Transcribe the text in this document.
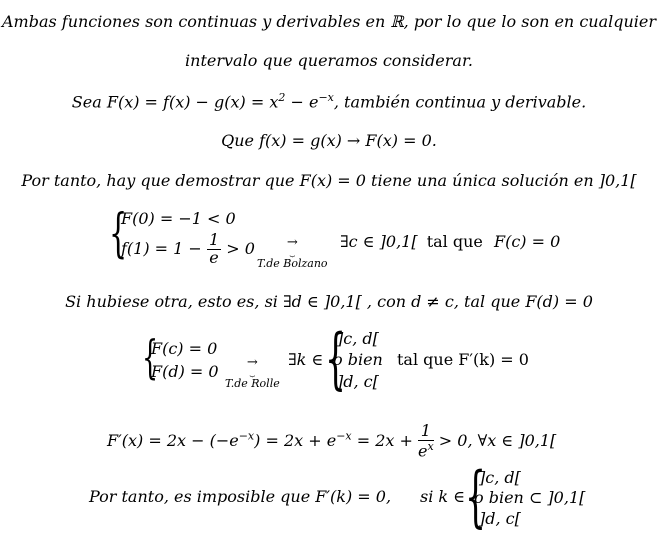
Ambas funciones son continuas y derivables en ℝ, por lo que lo son en cualquier
intervalo que queramos considerar.
Sea $F(x) = f(x) - g(x) = x^2 - e^{-x}$, también continua y derivable.
Que f(x) = g(x) → F(x) = 0.
Por tanto, hay que demostrar que F(x) = 0 tiene una única solución en ]0,1[
{
F(0) = −1 < 0
$f(1) = 1 - \frac{1}{e} > 0$	→
⏟
T.de Bolzano
∃c ∈ ]0,1[ tal que F(c) = 0
Si hubiese otra, esto es, si ∃d ∈ ]0,1[ , con d ≠ c, tal que F(d) = 0
{
F(c) = 0
F(d) = 0	→
⏟
T.de Rolle
∃k ∈ {
]c, d[
o bien
]d, c[
tal que F′(k) = 0
$F'(x) = 2x - (-e^{-x}) = 2x + e^{-x} = 2x + \frac{1}{e^x} > 0$, ∀x ∈ ]0,1[
Por tanto, es imposible que F′(k) = 0, si k ∈ {
]c, d[
o bien ⊂ ]0,1[
]d, c[
